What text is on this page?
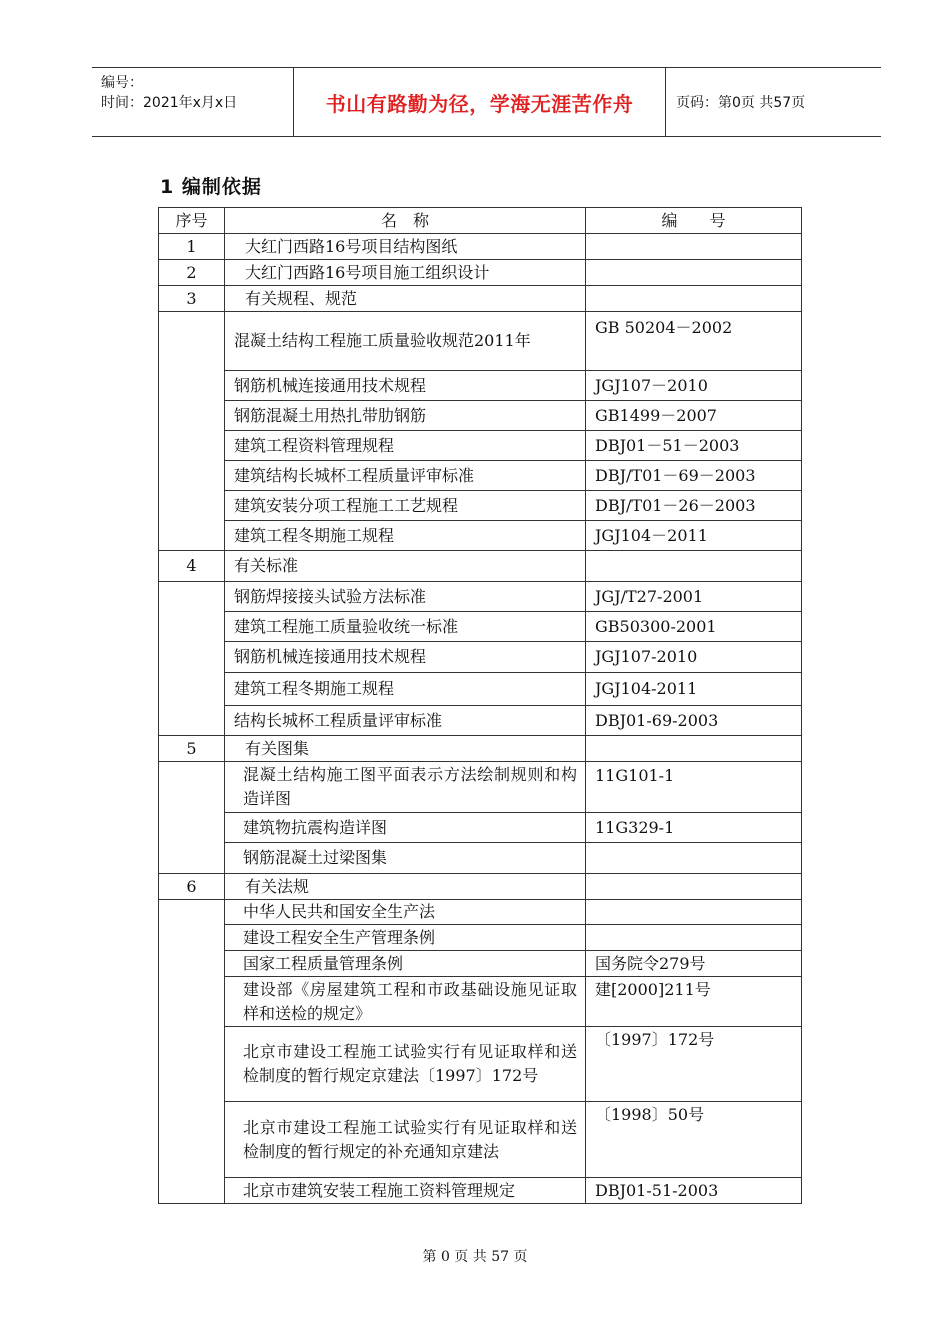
编号：
时间：2021年x月x日	书山有路勤为径，学海无涯苦作舟	页码：第0页 共57页
1 编制依据
序号	名　称	编　　号
1	大红门西路16号项目结构图纸	
2	大红门西路16号项目施工组织设计	
3	有关规程、规范	
	混凝土结构工程施工质量验收规范2011年	GB 50204－2002
	钢筋机械连接通用技术规程	JGJ107－2010
	钢筋混凝土用热扎带肋钢筋	GB1499－2007
	建筑工程资料管理规程	DBJ01－51－2003
	建筑结构长城杯工程质量评审标准	DBJ/T01－69－2003
	建筑安装分项工程施工工艺规程	DBJ/T01－26－2003
	建筑工程冬期施工规程	JGJ104－2011
4	有关标准	
	钢筋焊接接头试验方法标准	JGJ/T27-2001
	建筑工程施工质量验收统一标准	GB50300-2001
	钢筋机械连接通用技术规程	JGJ107-2010
	建筑工程冬期施工规程	JGJ104-2011
	结构长城杯工程质量评审标准	DBJ01-69-2003
5	有关图集	
	混凝土结构施工图平面表示方法绘制规则和构造详图	11G101-1
	建筑物抗震构造详图	11G329-1
	钢筋混凝土过梁图集	
6	有关法规	
	中华人民共和国安全生产法	
	建设工程安全生产管理条例	
	国家工程质量管理条例	国务院令279号
	建设部《房屋建筑工程和市政基础设施见证取样和送检的规定》	建[2000]211号
	北京市建设工程施工试验实行有见证取样和送检制度的暂行规定京建法〔1997〕172号	〔1997〕172号
	北京市建设工程施工试验实行有见证取样和送检制度的暂行规定的补充通知京建法	〔1998〕50号
	北京市建筑安装工程施工资料管理规定	DBJ01-51-2003
第 0 页 共 57 页
